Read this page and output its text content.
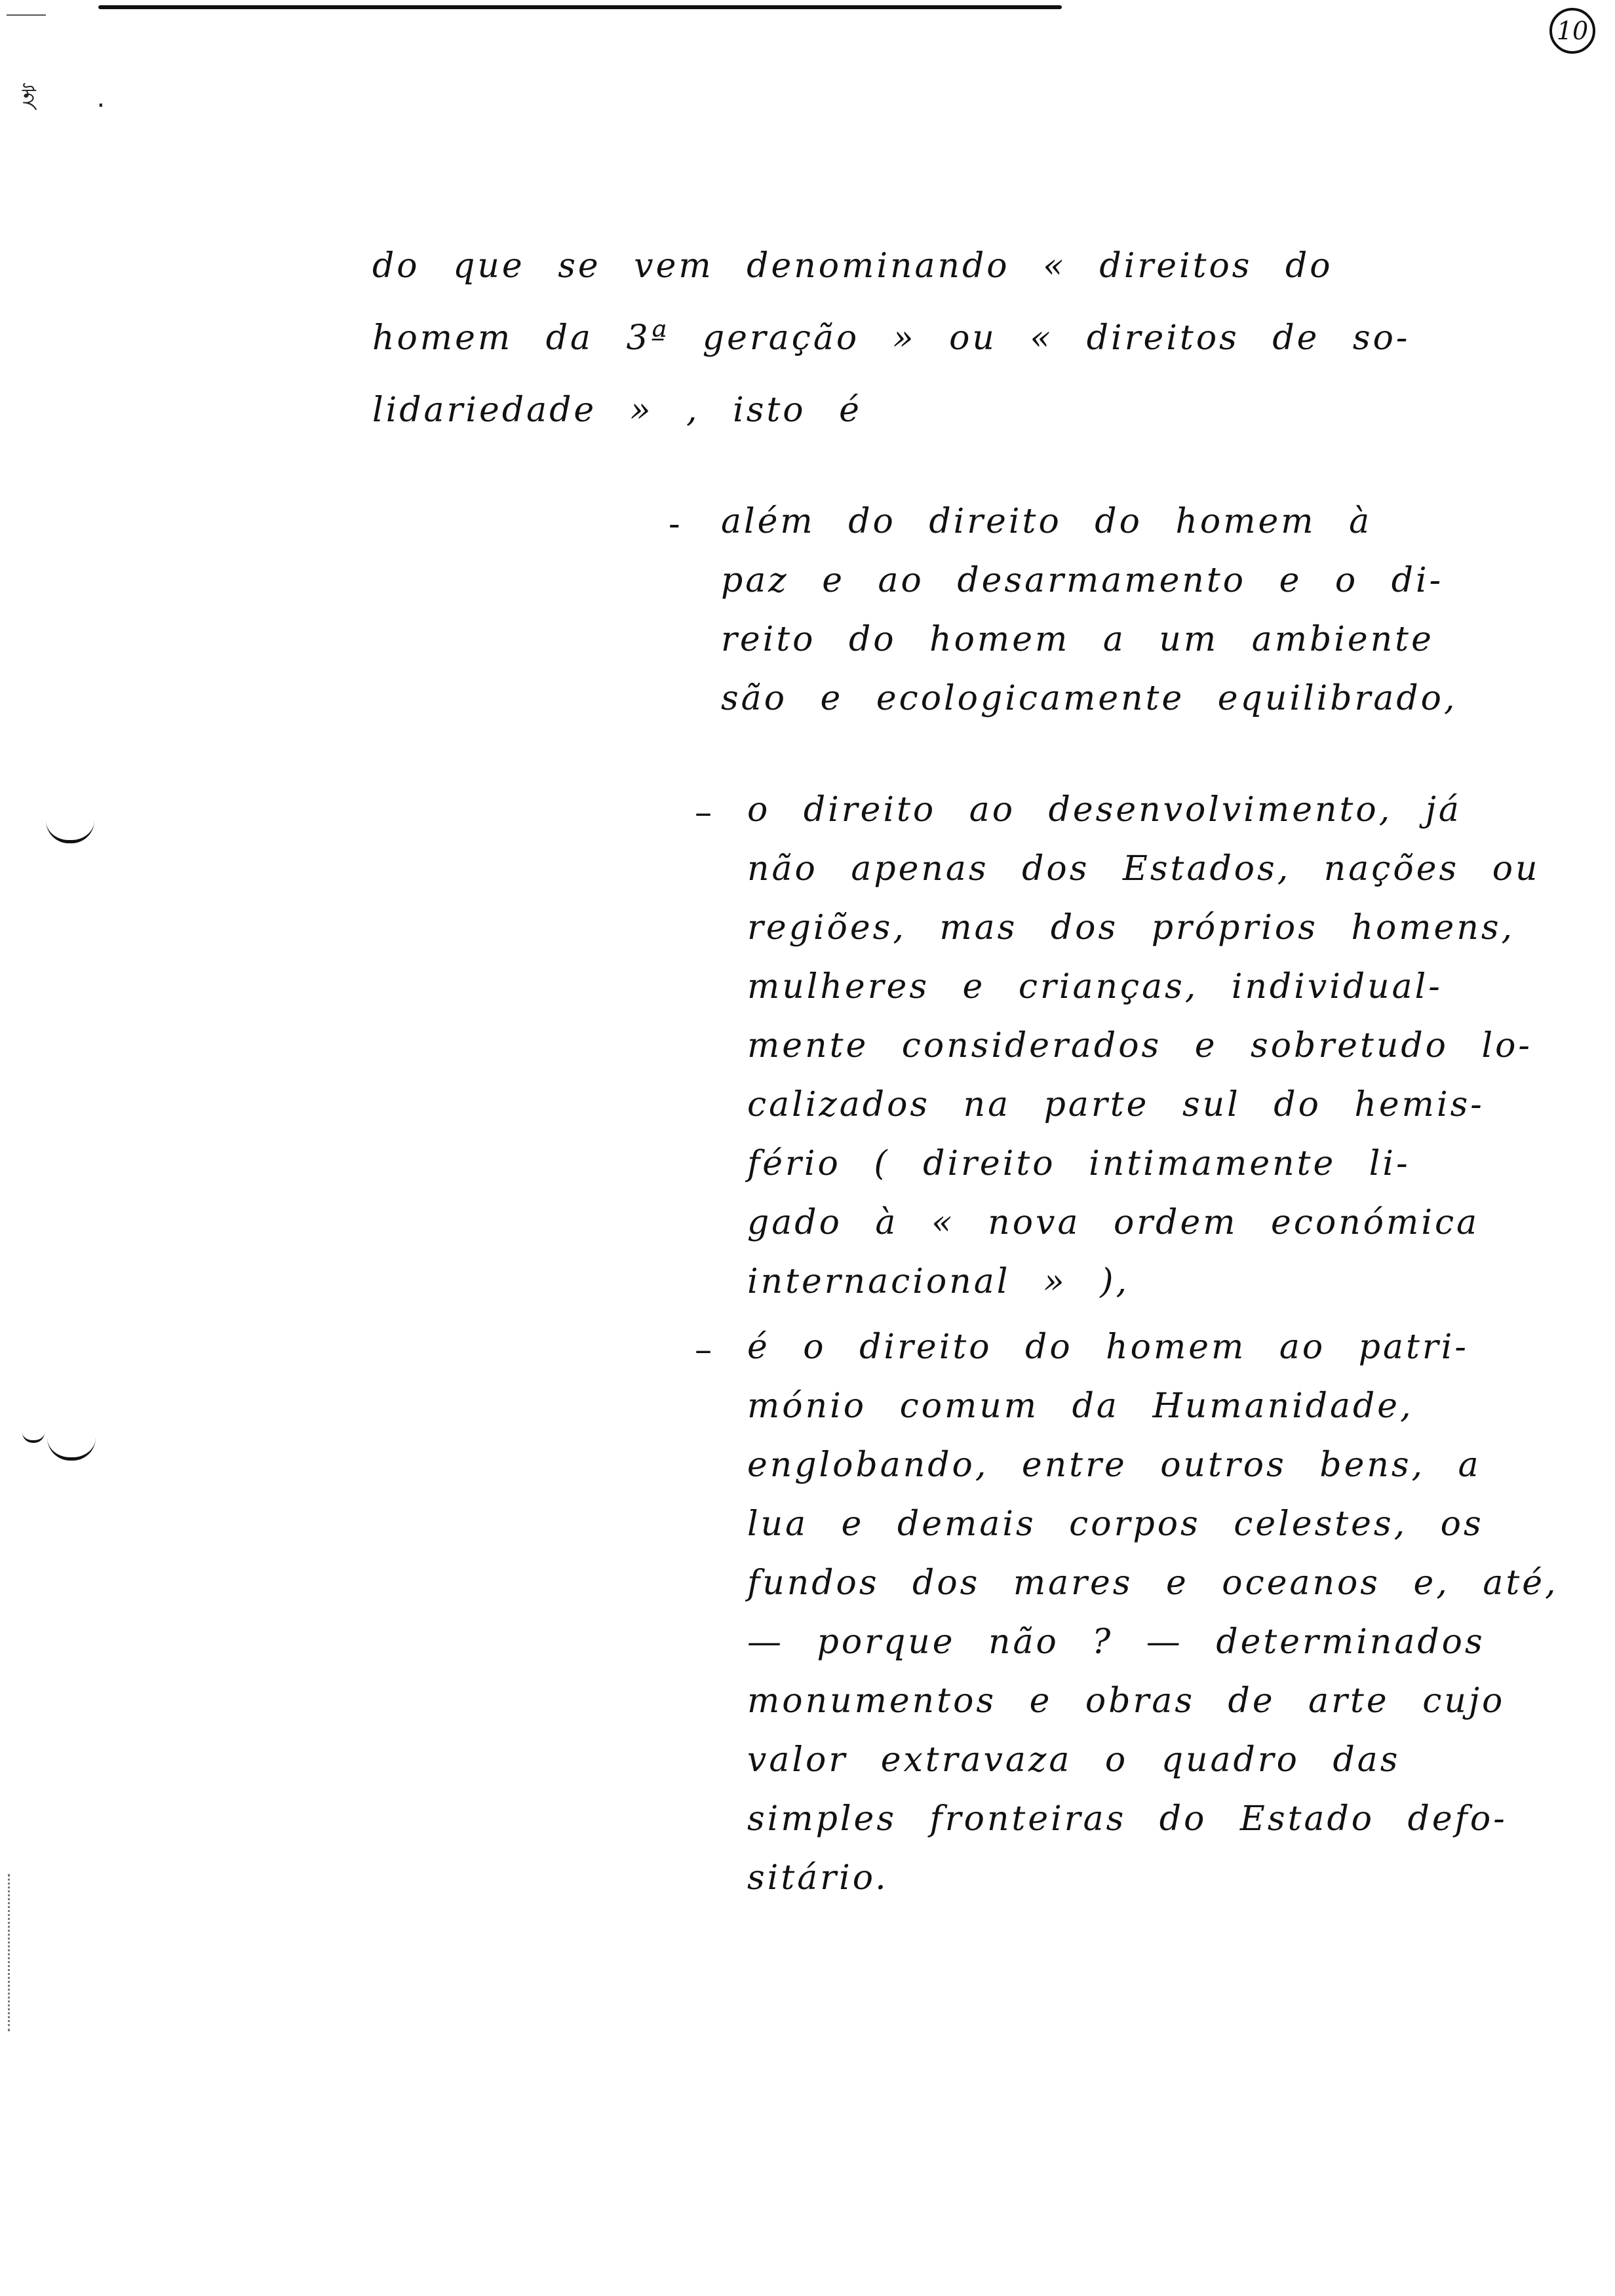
ই .
10
do que se vem denominando « direitos do
homem da 3ª geração » ou « direitos de so-
lidariedade » , isto é
- além do direito do homem à
paz e ao desarmamento e o di-
reito do homem a um ambiente
são e ecologicamente equilibrado,
– o direito ao desenvolvimento, já
não apenas dos Estados, nações ou
regiões, mas dos próprios homens,
mulheres e crianças, individual-
mente considerados e sobretudo lo-
calizados na parte sul do hemis-
fério ( direito intimamente li-
gado à « nova ordem económica
internacional » ),
– é o direito do homem ao patri-
mónio comum da Humanidade,
englobando, entre outros bens, a
lua e demais corpos celestes, os
fundos dos mares e oceanos e, até,
— porque não ? — determinados
monumentos e obras de arte cujo
valor extravaza o quadro das
simples fronteiras do Estado defo-
sitário.
